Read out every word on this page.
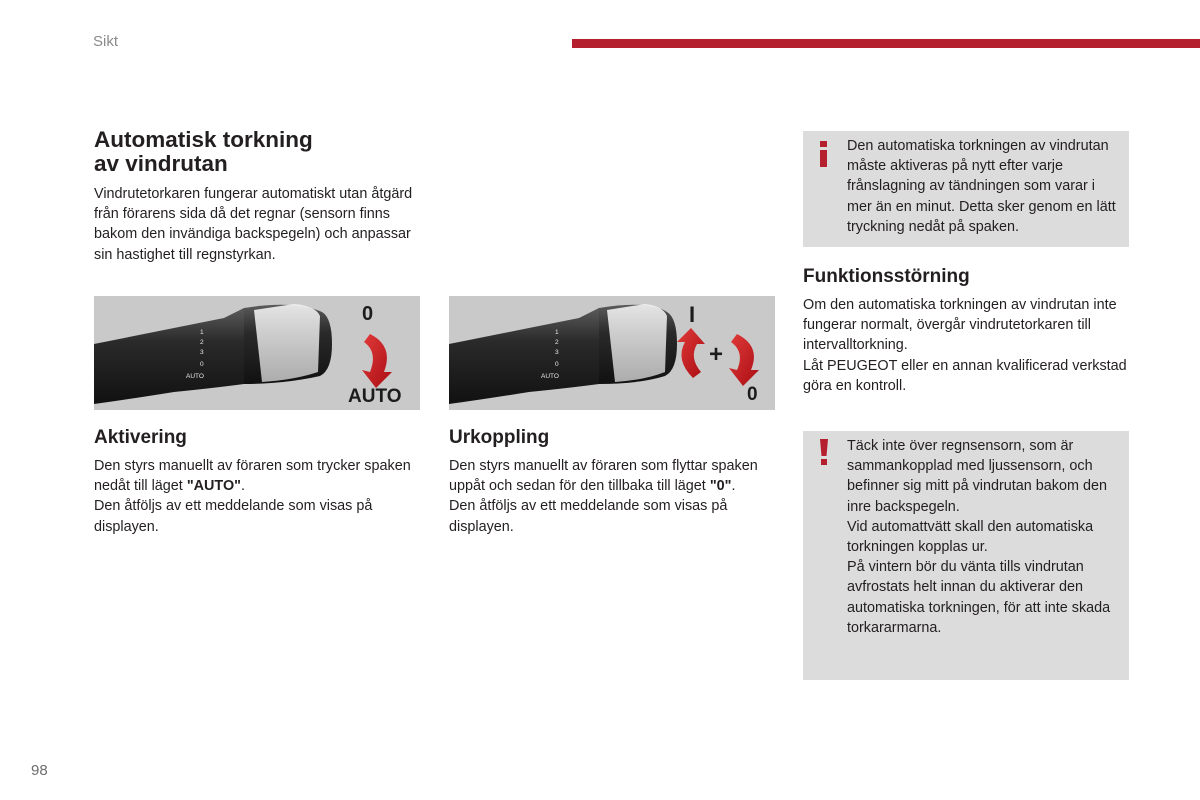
Sikt
Automatisk torkning
av vindrutan

Vindrutetorkaren fungerar automatiskt utan åtgärd från förarens sida då det regnar (sensorn finns bakom den invändiga backspegeln) och anpassar sin hastighet till regnstyrkan.

1
2
3
0
AUTO
0
AUTO
1
2
3
0
AUTO
I
+
0
Aktivering

Den styrs manuellt av föraren som trycker spaken nedåt till läget "AUTO".

Den åtföljs av ett meddelande som visas på displayen.

Urkoppling

Den styrs manuellt av föraren som flyttar spaken uppåt och sedan för den tillbaka till läget "0".

Den åtföljs av ett meddelande som visas på displayen.

Den automatiska torkningen av vindrutan måste aktiveras på nytt efter varje frånslagning av tändningen som varar i mer än en minut. Detta sker genom en lätt tryckning nedåt på spaken.

Funktionsstörning

Om den automatiska torkningen av vindrutan inte fungerar normalt, övergår vindrutetorkaren till intervalltorkning.

Låt PEUGEOT eller en annan kvalificerad verkstad göra en kontroll.

Täck inte över regnsensorn, som är sammankopplad med ljussensorn, och befinner sig mitt på vindrutan bakom den inre backspegeln.

Vid automattvätt skall den automatiska torkningen kopplas ur.

På vintern bör du vänta tills vindrutan avfrostats helt innan du aktiverar den automatiska torkningen, för att inte skada torkararmarna.

98
